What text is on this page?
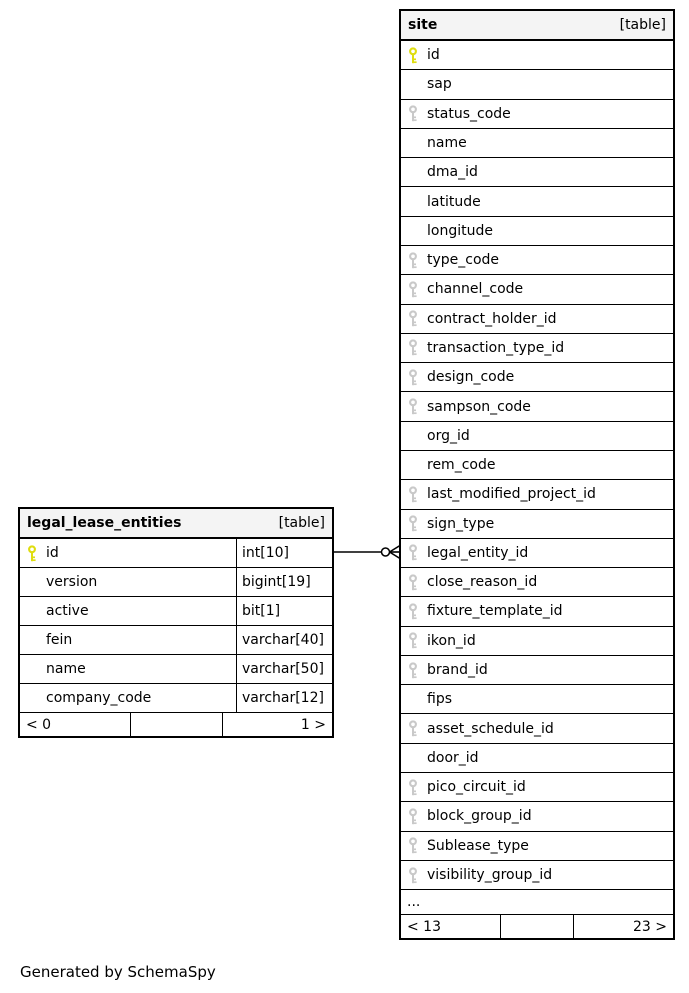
legal_lease_entities	[table]
id	int[10]
version	bigint[19]
active	bit[1]
fein	varchar[40]
name	varchar[50]
company_code	varchar[12]
< 0	1 >
site	[table]
id
sap
status_code
name
dma_id
latitude
longitude
type_code
channel_code
contract_holder_id
transaction_type_id
design_code
sampson_code
org_id
rem_code
last_modified_project_id
sign_type
legal_entity_id
close_reason_id
fixture_template_id
ikon_id
brand_id
fips
asset_schedule_id
door_id
pico_circuit_id
block_group_id
Sublease_type
visibility_group_id
...
< 13	23 >
Generated by SchemaSpy
